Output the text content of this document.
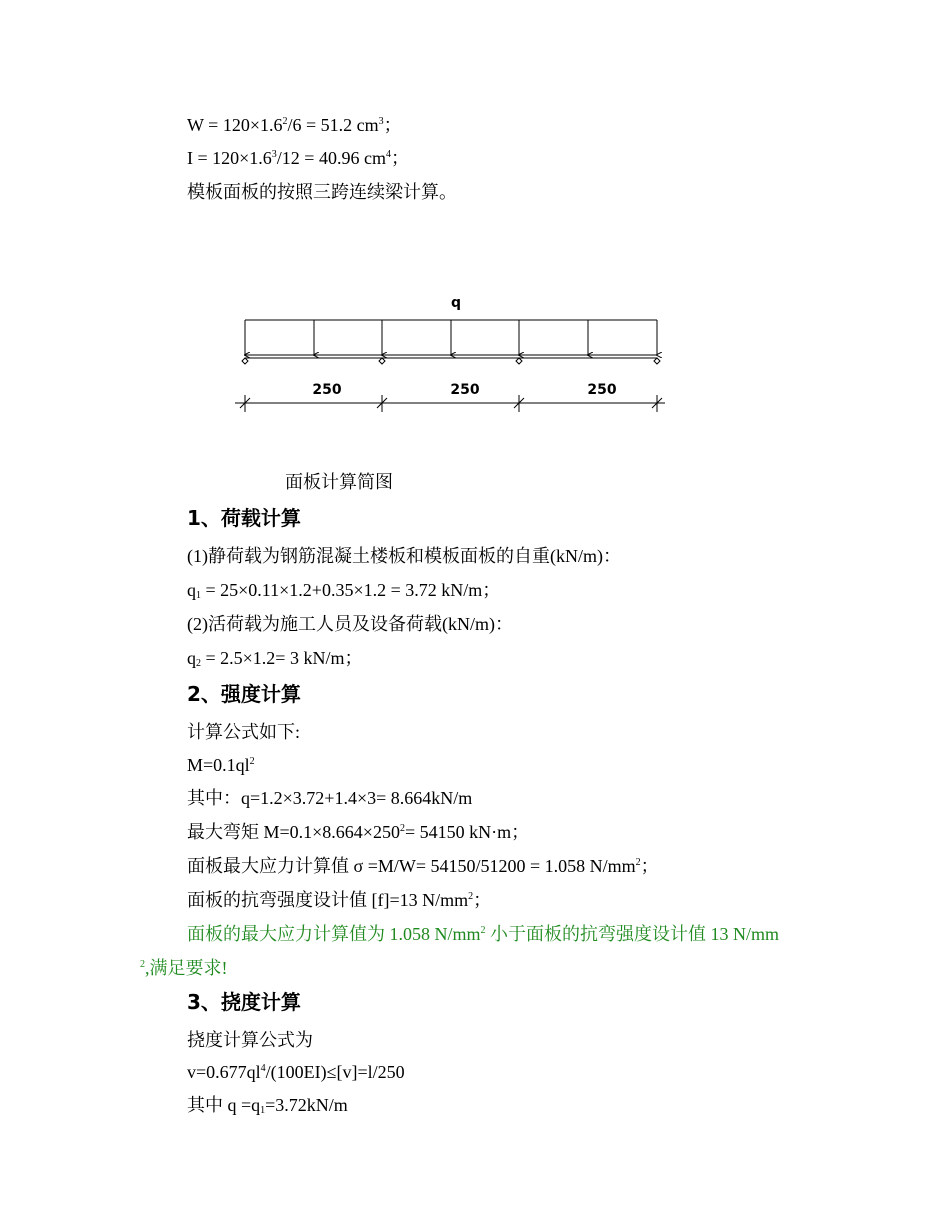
$W = 120\times 1.6^2/6 = 51.2$ $cm^3$；
$I = 120\times 1.6^3/12 = 40.96$ $cm^4$；
模板面板的按照三跨连续梁计算。
q
250	250	250
面板计算简图
1、荷载计算
(1)静荷载为钢筋混凝土楼板和模板面板的自重(kN/m)：
$q_1 = 25\times 0.11\times 1.2+0.35\times 1.2 = 3.72$ kN/m；
(2)活荷载为施工人员及设备荷载(kN/m)：
$q_2 = 2.5\times 1.2= 3$ kN/m；
2、强度计算
计算公式如下:
$M=0.1ql^2$
其中：q=1.2×3.72+1.4×3= 8.664kN/m
最大弯矩 $M=0.1\times 8.664\times 250^2= 54150$ kN·m；
面板最大应力计算值 σ =M/W= 54150/51200 = 1.058 $N/mm^2$；
面板的抗弯强度设计值 [f]=13 $N/mm^2$；
面板的最大应力计算值为 1.058 $N/mm^2$ 小于面板的抗弯强度设计值 13 N/mm
$^2$,满足要求!
3、挠度计算
挠度计算公式为
$v=0.677ql^4/(100EI)\le[v]=l/250$
其中 $q =q_1=3.72kN/m$
